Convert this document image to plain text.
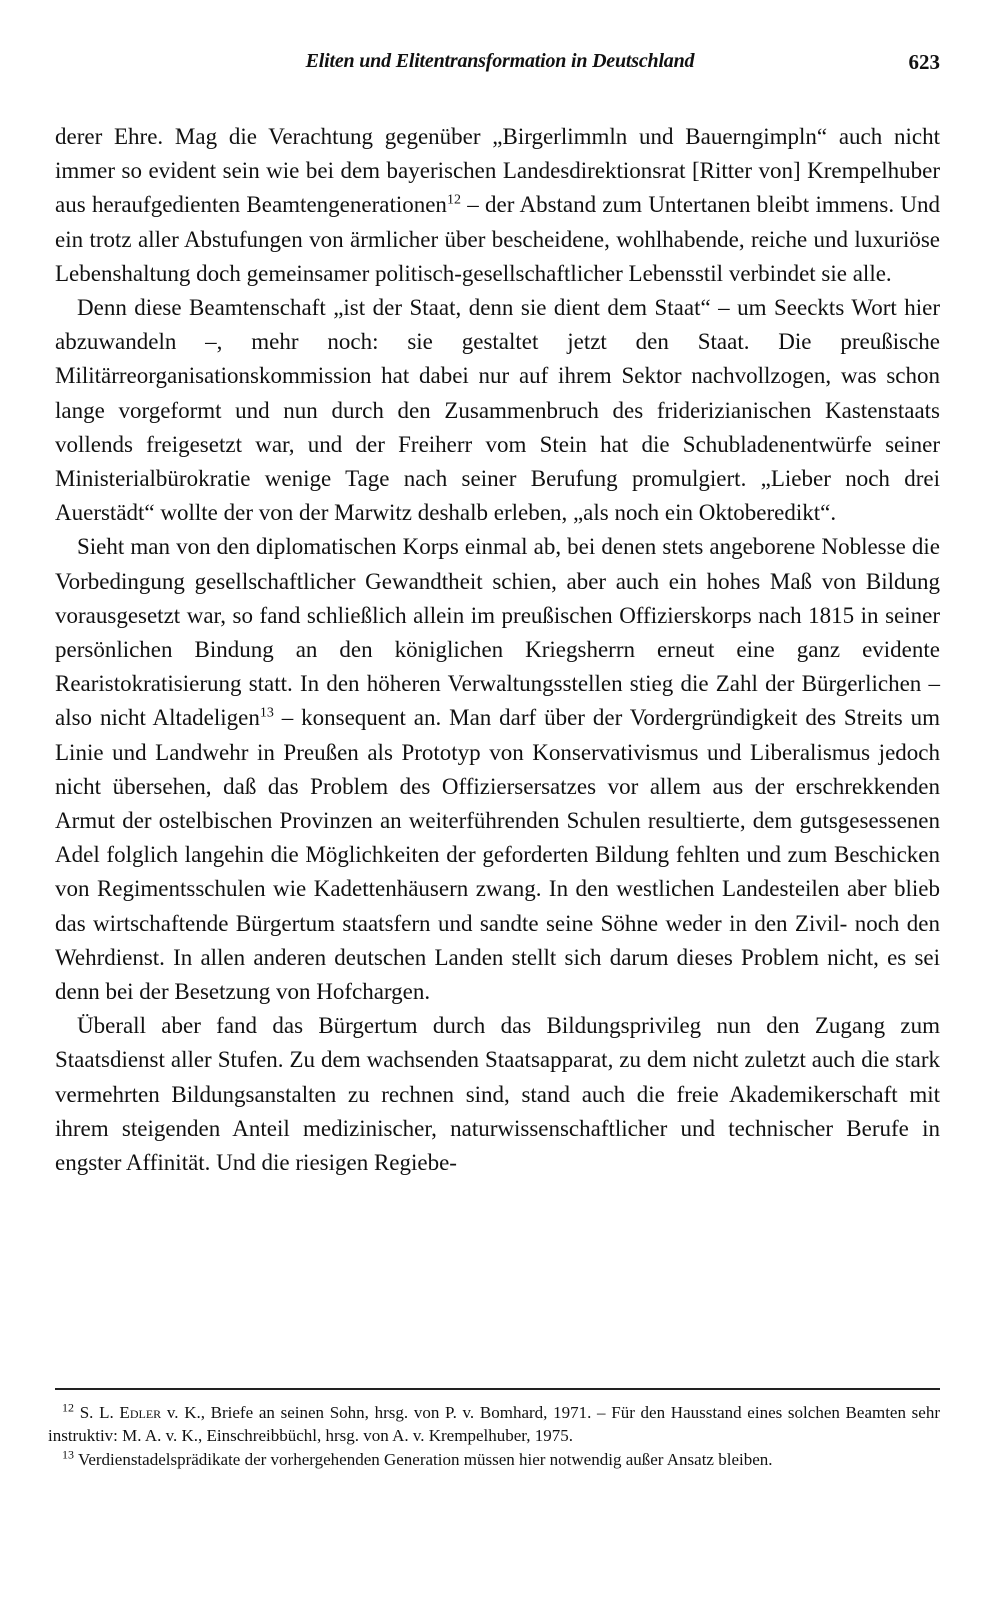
Eliten und Elitentransformation in Deutschland	623

derer Ehre. Mag die Verachtung gegenüber „Birgerlimmln und Bauerngimpln“ auch nicht immer so evident sein wie bei dem bayerischen Landesdirektionsrat [Ritter von] Krempelhuber aus heraufgedienten Beamtengenerationen$^{12}$ – der Abstand zum Untertanen bleibt immens. Und ein trotz aller Abstufungen von ärmlicher über bescheidene, wohlhabende, reiche und luxuriöse Lebenshaltung doch gemeinsamer politisch-gesellschaftlicher Lebensstil verbindet sie alle.

Denn diese Beamtenschaft „ist der Staat, denn sie dient dem Staat“ – um Seeckts Wort hier abzuwandeln –, mehr noch: sie gestaltet jetzt den Staat. Die preußische Militärreorganisationskommission hat dabei nur auf ihrem Sektor nachvollzogen, was schon lange vorgeformt und nun durch den Zusammenbruch des friderizianischen Kastenstaats vollends freigesetzt war, und der Freiherr vom Stein hat die Schubladenentwürfe seiner Ministerialbürokratie wenige Tage nach seiner Berufung promulgiert. „Lieber noch drei Auerstädt“ wollte der von der Marwitz deshalb erleben, „als noch ein Oktoberedikt“.

Sieht man von den diplomatischen Korps einmal ab, bei denen stets angeborene Noblesse die Vorbedingung gesellschaftlicher Gewandtheit schien, aber auch ein hohes Maß von Bildung vorausgesetzt war, so fand schließlich allein im preußischen Offizierskorps nach 1815 in seiner persönlichen Bindung an den königlichen Kriegsherrn erneut eine ganz evidente Rearistokratisierung statt. In den höheren Verwaltungsstellen stieg die Zahl der Bürgerlichen – also nicht Altadeligen$^{13}$ – konsequent an. Man darf über der Vordergründigkeit des Streits um Linie und Landwehr in Preußen als Prototyp von Konservativismus und Liberalismus jedoch nicht übersehen, daß das Problem des Offiziersersatzes vor allem aus der erschrekkenden Armut der ostelbischen Provinzen an weiterführenden Schulen resultierte, dem gutsgesessenen Adel folglich langehin die Möglichkeiten der geforderten Bildung fehlten und zum Beschicken von Regimentsschulen wie Kadettenhäusern zwang. In den westlichen Landesteilen aber blieb das wirtschaftende Bürgertum staatsfern und sandte seine Söhne weder in den Zivil- noch den Wehrdienst. In allen anderen deutschen Landen stellt sich darum dieses Problem nicht, es sei denn bei der Besetzung von Hofchargen.

Überall aber fand das Bürgertum durch das Bildungsprivileg nun den Zugang zum Staatsdienst aller Stufen. Zu dem wachsenden Staatsapparat, zu dem nicht zuletzt auch die stark vermehrten Bildungsanstalten zu rechnen sind, stand auch die freie Akademikerschaft mit ihrem steigenden Anteil medizinischer, naturwissenschaftlicher und technischer Berufe in engster Affinität. Und die riesigen Regiebe-

$^{12}$ S. L. Edler v. K., Briefe an seinen Sohn, hrsg. von P. v. Bomhard, 1971. – Für den Hausstand eines solchen Beamten sehr instruktiv: M. A. v. K., Einschreibbüchl, hrsg. von A. v. Krempelhuber, 1975.
$^{13}$ Verdienstadelsprädikate der vorhergehenden Generation müssen hier notwendig außer Ansatz bleiben.
